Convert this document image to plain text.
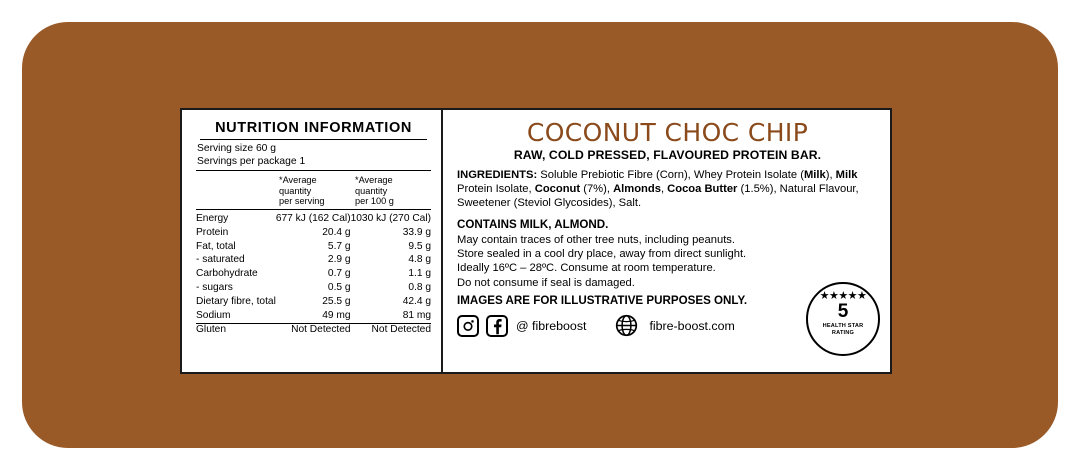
NUTRITION INFORMATION
Serving size 60 g
Servings per package 1
*Average
quantity
per serving
*Average
quantity
per 100 g
Energy	677 kJ (162 Cal)	1030 kJ (270 Cal)
Protein	20.4 g	33.9 g
Fat, total	5.7 g	9.5 g
- saturated	2.9 g	4.8 g
Carbohydrate	0.7 g	1.1 g
- sugars	0.5 g	0.8 g
Dietary fibre, total	25.5 g	42.4 g
Sodium	49 mg	81 mg
Gluten	Not Detected	Not Detected
COCONUT CHOC CHIP
RAW, COLD PRESSED, FLAVOURED PROTEIN BAR.
INGREDIENTS: Soluble Prebiotic Fibre (Corn), Whey Protein Isolate (Milk), Milk Protein Isolate, Coconut (7%), Almonds, Cocoa Butter (1.5%), Natural Flavour, Sweetener (Steviol Glycosides), Salt.
CONTAINS MILK, ALMOND.
May contain traces of other tree nuts, including peanuts.
Store sealed in a cool dry place, away from direct sunlight.
Ideally 16ºC – 28ºC. Consume at room temperature.
Do not consume if seal is damaged.
IMAGES ARE FOR ILLUSTRATIVE PURPOSES ONLY.
@ fibreboost	fibre-boost.com
★★★★★
5
HEALTH STAR
RATING
